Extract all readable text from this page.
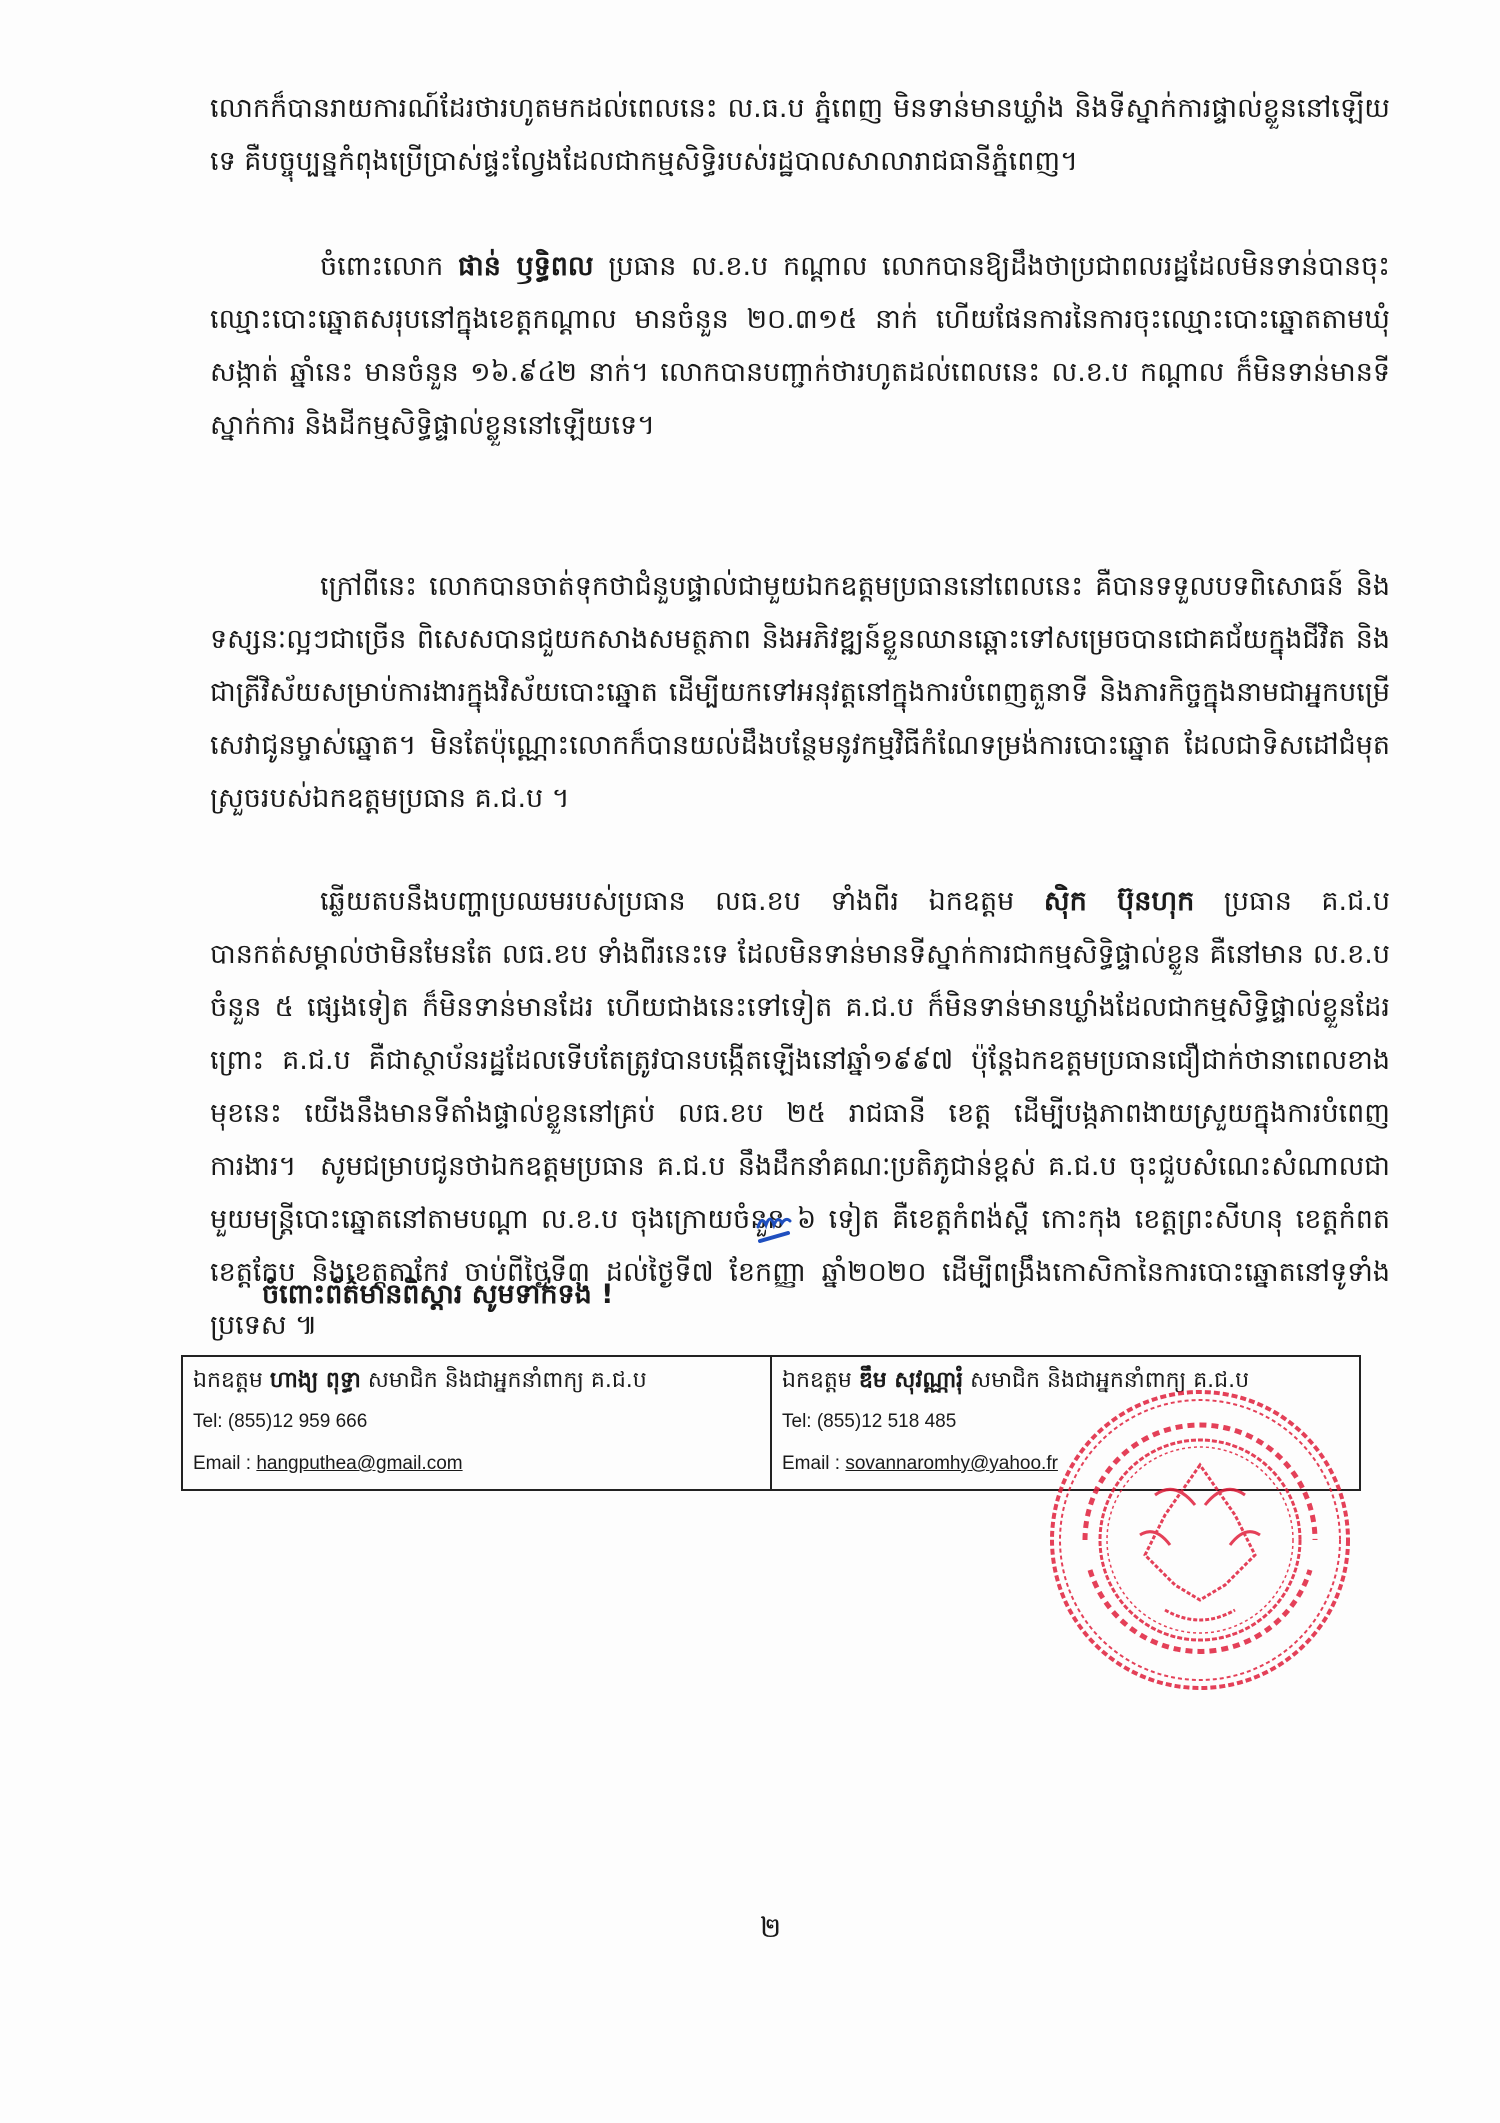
លោកក៏បានរាយការណ៍ដែរថារហូតមកដល់ពេលនេះ ល.ធ.ប ភ្នំពេញ មិនទាន់មានឃ្លាំង និងទីស្នាក់ការផ្ទាល់ខ្លួននៅឡើយទេ គឺបច្ចុប្បន្នកំពុងប្រើប្រាស់ផ្ទះល្វែងដែលជាកម្មសិទ្ធិរបស់រដ្ឋបាលសាលារាជធានីភ្នំពេញ។

ចំពោះលោក ផាន់ ឫទ្ធិពល ប្រធាន ល.ខ.ប កណ្ដាល លោកបានឱ្យដឹងថាប្រជាពលរដ្ឋដែលមិនទាន់បានចុះឈ្មោះបោះឆ្នោតសរុបនៅក្នុងខេត្តកណ្ដាល មានចំនួន ២០.៣១៥ នាក់ ហើយផែនការនៃការចុះឈ្មោះបោះឆ្នោតតាមឃុំ សង្កាត់ ឆ្នាំនេះ មានចំនួន ១៦.៩៤២ នាក់។ លោកបានបញ្ជាក់ថារហូតដល់ពេលនេះ ល.ខ.ប កណ្ដាល ក៏មិនទាន់មានទីស្នាក់ការ និងដីកម្មសិទ្ធិផ្ទាល់ខ្លួននៅឡើយទេ។

ក្រៅពីនេះ លោកបានចាត់ទុកថាជំនួបផ្ទាល់ជាមួយឯកឧត្តមប្រធាននៅពេលនេះ គឺបានទទួលបទពិសោធន៍ និងទស្សនៈល្អៗជាច្រើន ពិសេសបានជួយកសាងសមត្ថភាព និងអភិវឌ្ឍន៍ខ្លួនឈានឆ្ពោះទៅសម្រេចបានជោគជ័យក្នុងជីវិត និងជាត្រីវិស័យសម្រាប់ការងារក្នុងវិស័យបោះឆ្នោត ដើម្បីយកទៅអនុវត្តនៅក្នុងការបំពេញតួនាទី និងភារកិច្ចក្នុងនាមជាអ្នកបម្រើសេវាជូនម្ចាស់ឆ្នោត។ មិនតែប៉ុណ្ណោះលោកក៏បានយល់ដឹងបន្ថែមនូវកម្មវិធីកំណែទម្រង់ការបោះឆ្នោត ដែលជាទិសដៅជំមុតស្រួចរបស់ឯកឧត្តមប្រធាន គ.ជ.ប ។

ឆ្លើយតបនឹងបញ្ហាប្រឈមរបស់ប្រធាន លធ.ខប ទាំងពីរ ឯកឧត្តម សុិក ប៊ុនហុក ប្រធាន គ.ជ.ប បានកត់សម្គាល់ថាមិនមែនតែ លធ.ខប ទាំងពីរនេះទេ ដែលមិនទាន់មានទីស្នាក់ការជាកម្មសិទ្ធិផ្ទាល់ខ្លួន គឺនៅមាន ល.ខ.ប ចំនួន ៥ ផ្សេងទៀត ក៏មិនទាន់មានដែរ ហើយជាងនេះទៅទៀត គ.ជ.ប ក៏មិនទាន់មានឃ្លាំងដែលជាកម្មសិទ្ធិផ្ទាល់ខ្លួនដែរ ព្រោះ គ.ជ.ប គឺជាស្ថាប័នរដ្ឋដែលទើបតែត្រូវបានបង្កើតឡើងនៅឆ្នាំ១៩៩៧ ប៉ុន្តែឯកឧត្តមប្រធានជឿជាក់ថានាពេលខាងមុខនេះ យើងនឹងមានទីតាំងផ្ទាល់ខ្លួននៅគ្រប់ លធ.ខប ២៥ រាជធានី ខេត្ត ដើម្បីបង្កភាពងាយស្រួយក្នុងការបំពេញការងារ។ សូមជម្រាបជូនថាឯកឧត្តមប្រធាន គ.ជ.ប នឹងដឹកនាំគណៈប្រតិភូជាន់ខ្ពស់ គ.ជ.ប ចុះជួបសំណេះសំណាលជាមួយមន្ត្រីបោះឆ្នោតនៅតាមបណ្ដា ល.ខ.ប ចុងក្រោយចំនួន ៦ ទៀត គឺខេត្តកំពង់ស្ពឺ កោះកុង ខេត្តព្រះសីហនុ ខេត្តកំពត ខេត្តកែប និងខេត្តតាកែវ ចាប់ពីថ្ងៃទី៣ ដល់ថ្ងៃទី៧ ខែកញ្ញា ឆ្នាំ២០២០ ដើម្បីពង្រឹងកោសិកានៃការបោះឆ្នោតនៅទូទាំងប្រទេស ៕

ចំពោះព័ត៌មានពិស្ដារ សូមទាក់ទង !
ឯកឧត្តម ហាង្យ ពុទ្ធា សមាជិក និងជាអ្នកនាំពាក្យ គ.ជ.ប
Tel: (855)12 959 666
Email : hangputhea@gmail.com
ឯកឧត្តម ឌឹម សុវណ្ណារុំ សមាជិក និងជាអ្នកនាំពាក្យ គ.ជ.ប
Tel: (855)12 518 485
Email : sovannaromhy@yahoo.fr
២
